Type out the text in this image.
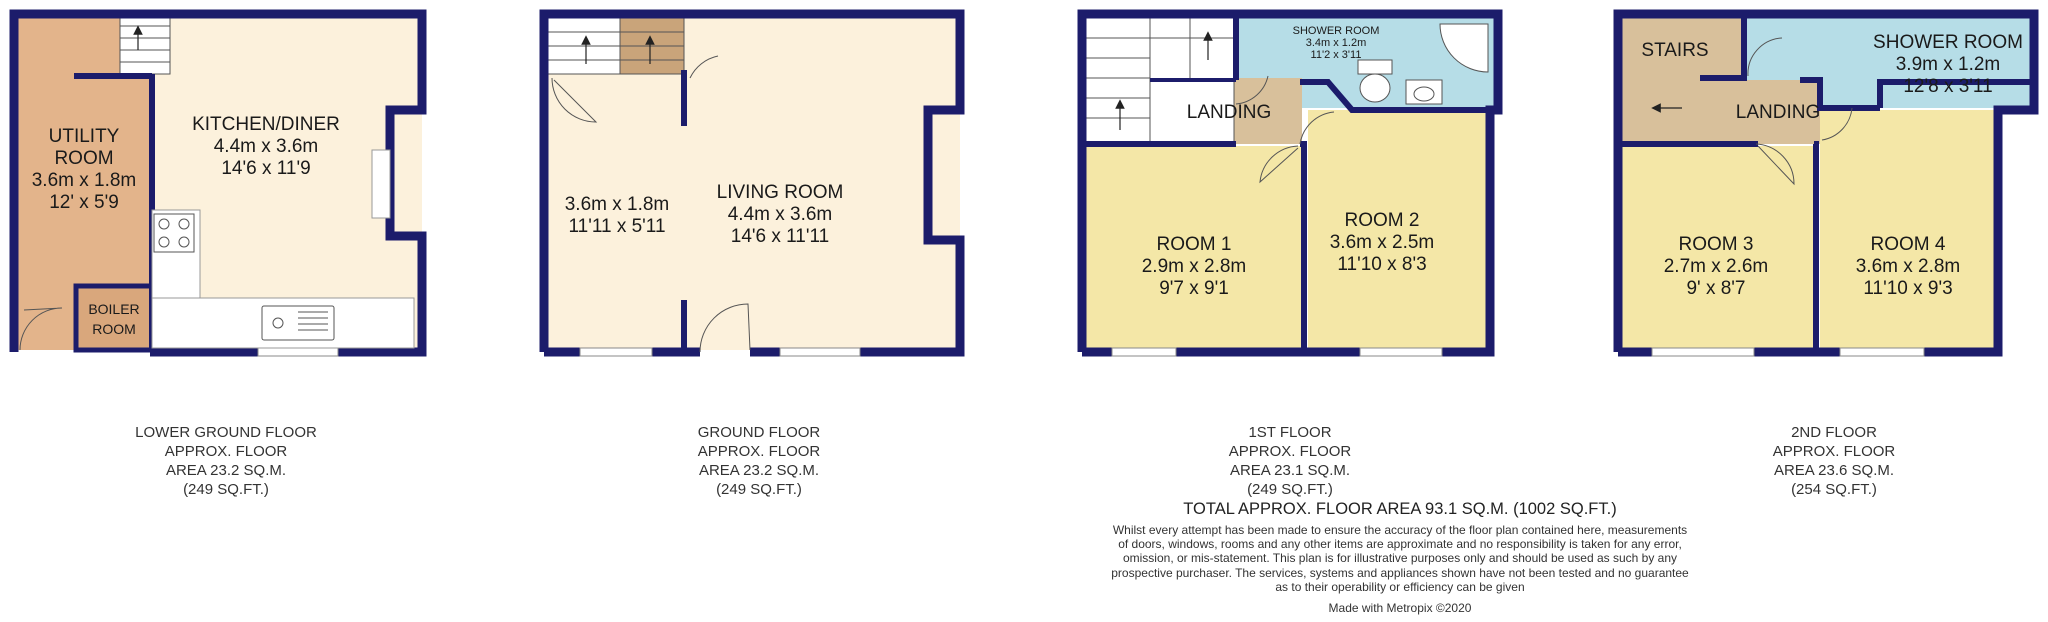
UTILITY
ROOM
3.6m x 1.8m
12' x 5'9
KITCHEN/DINER
4.4m x 3.6m
14'6 x 11'9
BOILER
ROOM
3.6m x 1.8m
11'11 x 5'11
LIVING ROOM
4.4m x 3.6m
14'6 x 11'11
SHOWER ROOM
3.4m x 1.2m
11'2 x 3'11
LANDING
ROOM 1
2.9m x 2.8m
9'7 x 9'1
ROOM 2
3.6m x 2.5m
11'10 x 8'3
STAIRS	SHOWER ROOM
3.9m x 1.2m
12'8 x 3'11
LANDING
ROOM 3
2.7m x 2.6m
9' x 8'7
ROOM 4
3.6m x 2.8m
11'10 x 9'3
LOWER GROUND FLOOR
APPROX. FLOOR
AREA 23.2 SQ.M.
(249 SQ.FT.)
GROUND FLOOR
APPROX. FLOOR
AREA 23.2 SQ.M.
(249 SQ.FT.)
1ST FLOOR
APPROX. FLOOR
AREA 23.1 SQ.M.
(249 SQ.FT.)
2ND FLOOR
APPROX. FLOOR
AREA 23.6 SQ.M.
(254 SQ.FT.)
TOTAL APPROX. FLOOR AREA 93.1 SQ.M. (1002 SQ.FT.)
Whilst every attempt has been made to ensure the accuracy of the floor plan contained here, measurements
of doors, windows, rooms and any other items are approximate and no responsibility is taken for any error,
omission, or mis-statement. This plan is for illustrative purposes only and should be used as such by any
prospective purchaser. The services, systems and appliances shown have not been tested and no guarantee
as to their operability or efficiency can be given
Made with Metropix ©2020
